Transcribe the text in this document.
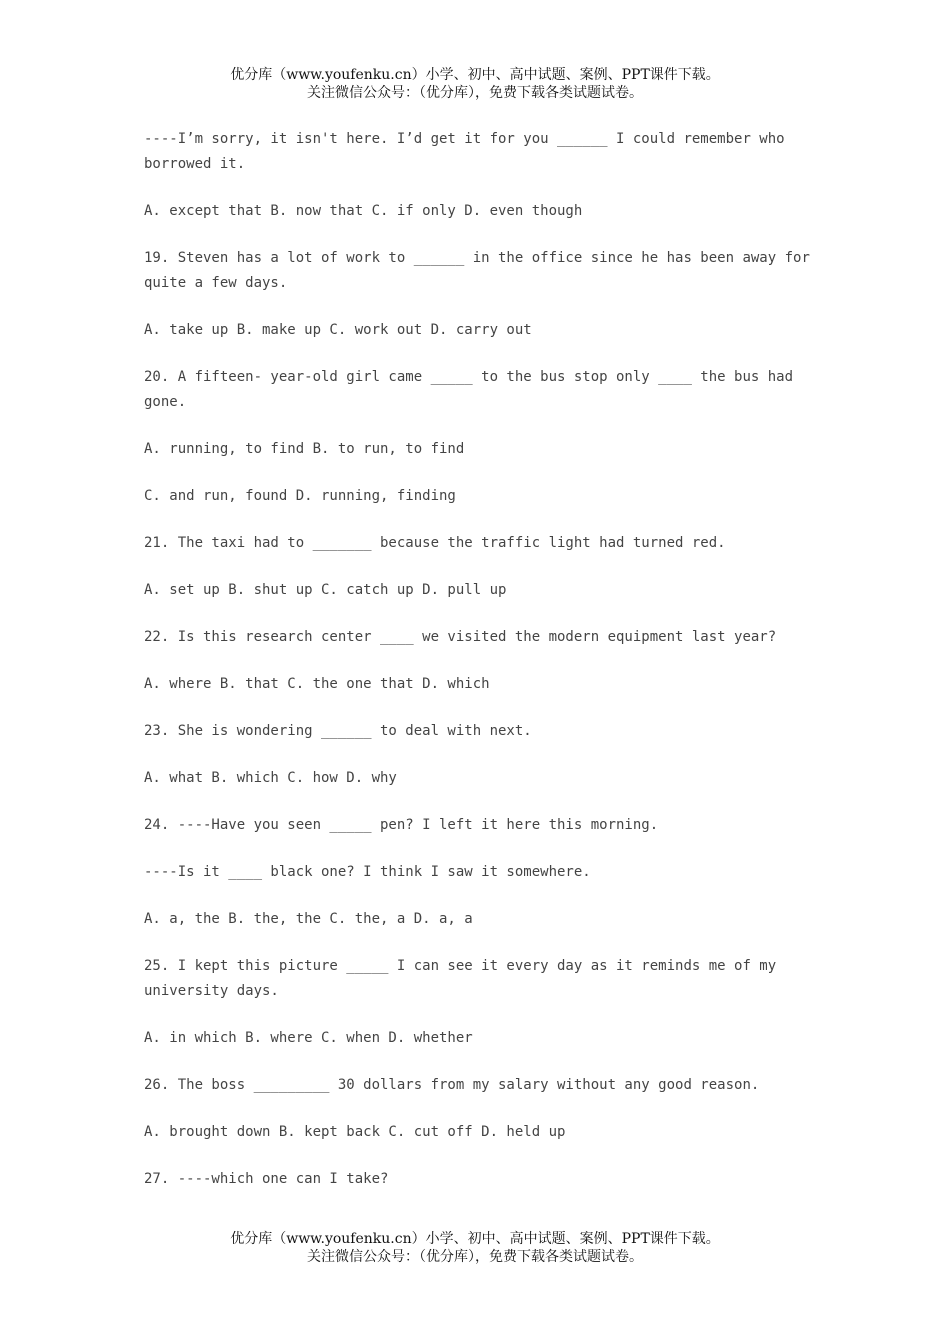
优分库（www.youfenku.cn）小学、初中、高中试题、案例、PPT课件下载。
关注微信公众号：（优分库），免费下载各类试题试卷。

----I’m sorry, it isn't here. I’d get it for you ______ I could remember who borrowed it.

A. except that B. now that C. if only D. even though

19. Steven has a lot of work to ______ in the office since he has been away for quite a few days.

A. take up B. make up C. work out D. carry out

20. A fifteen- year-old girl came _____ to the bus stop only ____ the bus had gone.

A. running, to find B. to run, to find

C. and run, found D. running, finding

21. The taxi had to _______ because the traffic light had turned red.

A. set up B. shut up C. catch up D. pull up

22. Is this research center ____ we visited the modern equipment last year?

A. where B. that C. the one that D. which

23. She is wondering ______ to deal with next.

A. what B. which C. how D. why

24. ----Have you seen _____ pen? I left it here this morning.

----Is it ____ black one? I think I saw it somewhere.

A. a, the B. the, the C. the, a D. a, a

25. I kept this picture _____ I can see it every day as it reminds me of my university days.

A. in which B. where C. when D. whether

26. The boss _________ 30 dollars from my salary without any good reason.

A. brought down B. kept back C. cut off D. held up

27. ----which one can I take?

优分库（www.youfenku.cn）小学、初中、高中试题、案例、PPT课件下载。
关注微信公众号：（优分库），免费下载各类试题试卷。
